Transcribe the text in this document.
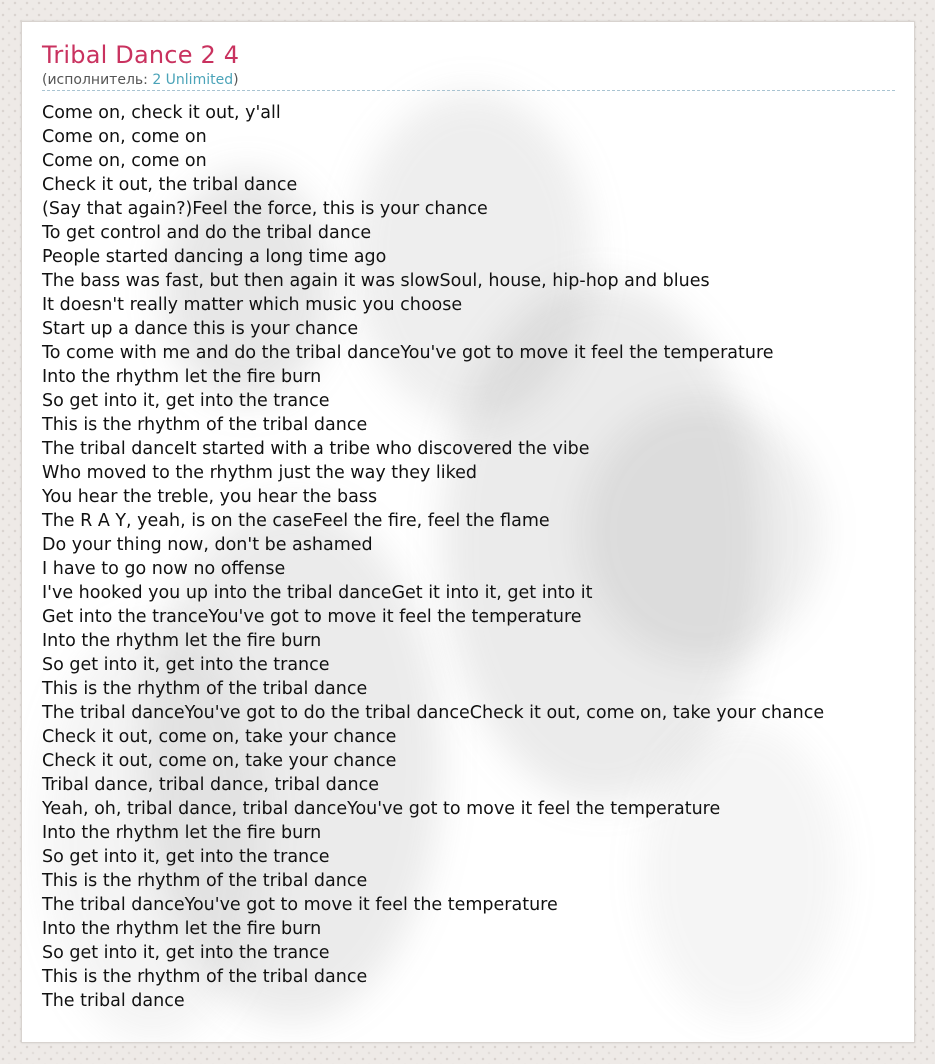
Tribal Dance 2 4
(исполнитель: 2 Unlimited)
Come on, check it out, y'all
Come on, come on
Come on, come on
Check it out, the tribal dance
(Say that again?)Feel the force, this is your chance
To get control and do the tribal dance
People started dancing a long time ago
The bass was fast, but then again it was slowSoul, house, hip-hop and blues
It doesn't really matter which music you choose
Start up a dance this is your chance
To come with me and do the tribal danceYou've got to move it feel the temperature
Into the rhythm let the fire burn
So get into it, get into the trance
This is the rhythm of the tribal dance
The tribal danceIt started with a tribe who discovered the vibe
Who moved to the rhythm just the way they liked
You hear the treble, you hear the bass
The R A Y, yeah, is on the caseFeel the fire, feel the flame
Do your thing now, don't be ashamed
I have to go now no offense
I've hooked you up into the tribal danceGet it into it, get into it
Get into the tranceYou've got to move it feel the temperature
Into the rhythm let the fire burn
So get into it, get into the trance
This is the rhythm of the tribal dance
The tribal danceYou've got to do the tribal danceCheck it out, come on, take your chance
Check it out, come on, take your chance
Check it out, come on, take your chance
Tribal dance, tribal dance, tribal dance
Yeah, oh, tribal dance, tribal danceYou've got to move it feel the temperature
Into the rhythm let the fire burn
So get into it, get into the trance
This is the rhythm of the tribal dance
The tribal danceYou've got to move it feel the temperature
Into the rhythm let the fire burn
So get into it, get into the trance
This is the rhythm of the tribal dance
The tribal dance
